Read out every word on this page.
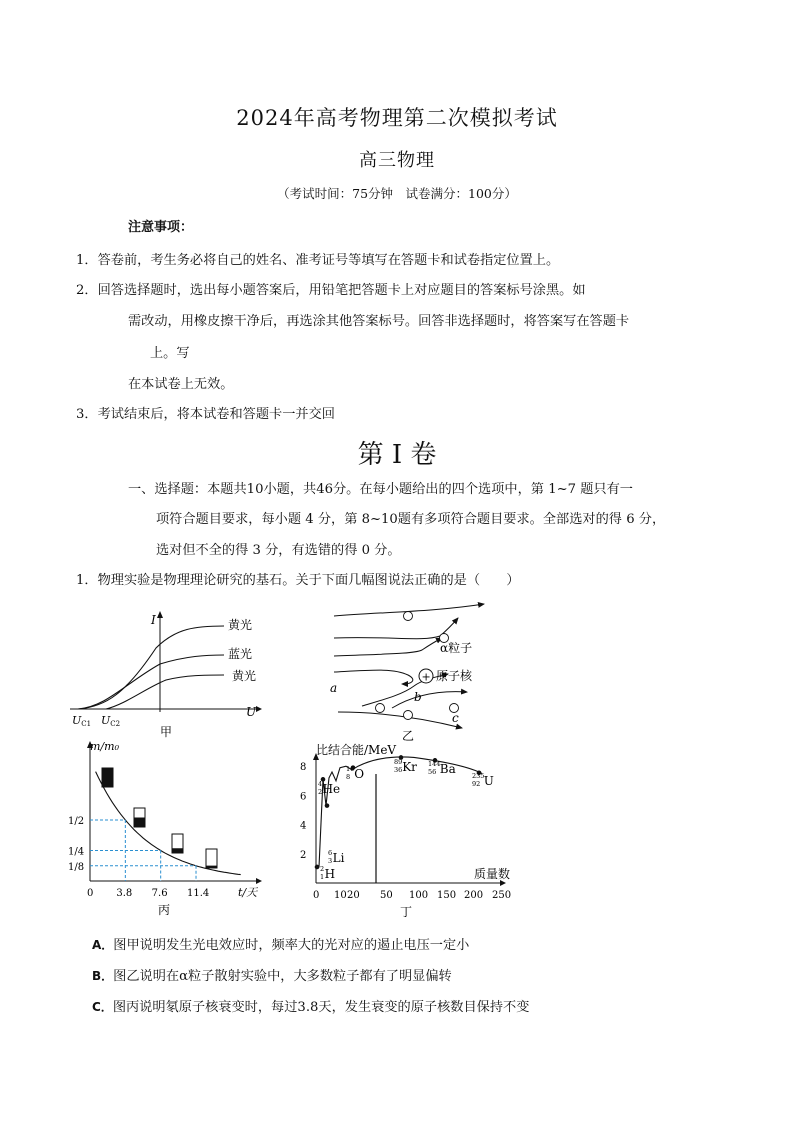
2024年高考物理第二次模拟考试
高三物理
（考试时间：75分钟　试卷满分：100分）
注意事项：
1．答卷前，考生务必将自己的姓名、准考证号等填写在答题卡和试卷指定位置上。
2．回答选择题时，选出每小题答案后，用铅笔把答题卡上对应题目的答案标号涂黑。如
需改动，用橡皮擦干净后，再选涂其他答案标号。回答非选择题时，将答案写在答题卡
上。写
在本试卷上无效。
3．考试结束后，将本试卷和答题卡一并交回
第 I 卷
一、选择题：本题共10小题，共46分。在每小题给出的四个选项中，第 1~7 题只有一
项符合题目要求，每小题 4 分，第 8~10题有多项符合题目要求。全部选对的得 6 分，
选对但不全的得 3 分，有选错的得 0 分。
1．物理实验是物理理论研究的基石。关于下面几幅图说法正确的是（　　）
I
U
黄光
蓝光
黄光
UC1 UC2
甲
+
α粒子
原子核
a
b
c
乙
1/2
1/4
1/8
0 3.8 7.6 11.4
m/m₀
t/天
丙
2
4
6
8
0 10 20 50 100 150 200 250
2
1 H
6
3 Li
4
2 He
16
8 O
89
36 Kr 144
56 Ba 235
92 U
比结合能/MeV
质量数
丁
A．图甲说明发生光电效应时，频率大的光对应的遏止电压一定小
B．图乙说明在α粒子散射实验中，大多数粒子都有了明显偏转
C．图丙说明氡原子核衰变时，每过3.8天，发生衰变的原子核数目保持不变
